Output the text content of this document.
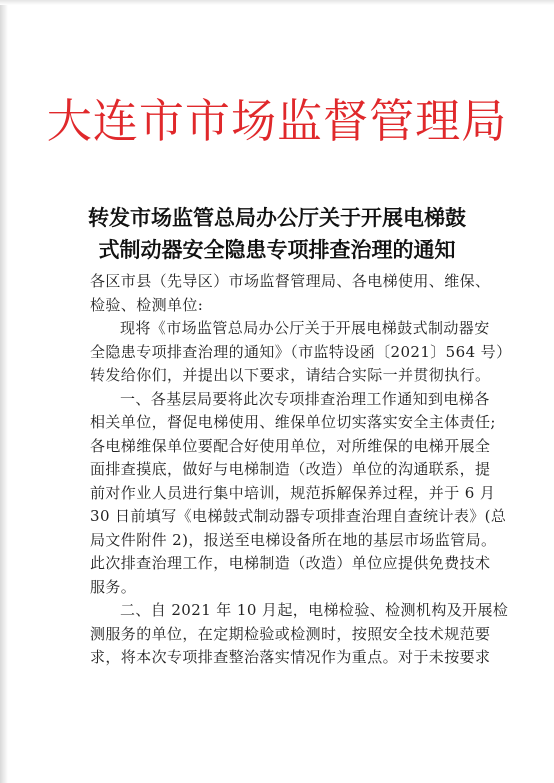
大连市市场监督管理局
转发市场监管总局办公厅关于开展电梯鼓
式制动器安全隐患专项排查治理的通知
各区市县（先导区）市场监督管理局、各电梯使用、维保、
检验、检测单位:
现将《市场监管总局办公厅关于开展电梯鼓式制动器安
全隐患专项排查治理的通知》（市监特设函〔2021〕564 号）
转发给你们，并提出以下要求，请结合实际一并贯彻执行。
一、各基层局要将此次专项排查治理工作通知到电梯各
相关单位，督促电梯使用、维保单位切实落实安全主体责任;
各电梯维保单位要配合好使用单位，对所维保的电梯开展全
面排查摸底，做好与电梯制造（改造）单位的沟通联系，提
前对作业人员进行集中培训，规范拆解保养过程，并于 6 月
30 日前填写《电梯鼓式制动器专项排查治理自查统计表》(总
局文件附件 2)，报送至电梯设备所在地的基层市场监管局。
此次排查治理工作，电梯制造（改造）单位应提供免费技术
服务。
二、自 2021 年 10 月起，电梯检验、检测机构及开展检
测服务的单位，在定期检验或检测时，按照安全技术规范要
求，将本次专项排查整治落实情况作为重点。对于未按要求
